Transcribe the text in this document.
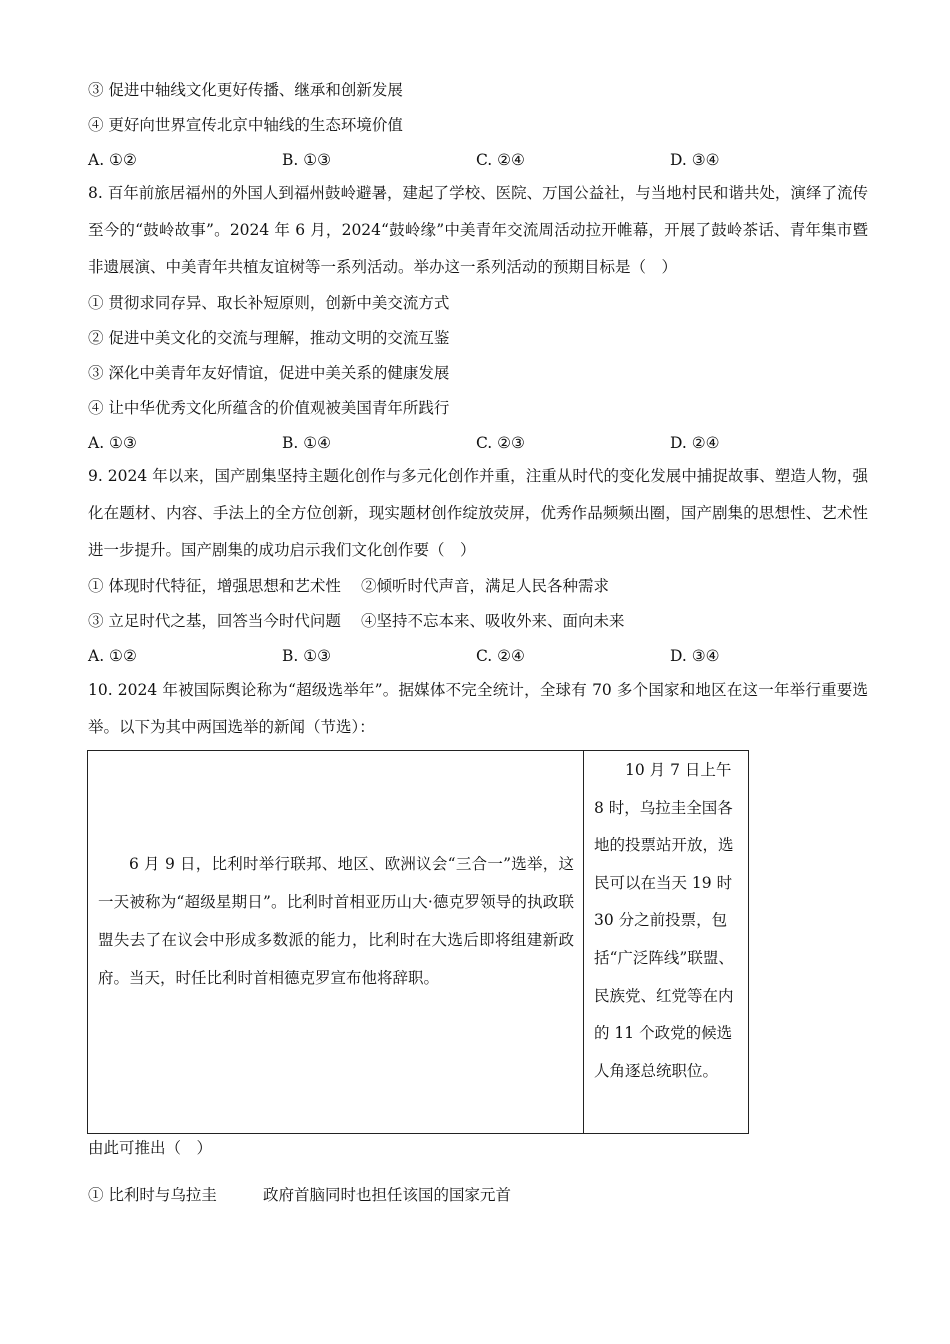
③ 促进中轴线文化更好传播、继承和创新发展
④ 更好向世界宣传北京中轴线的生态环境价值
A. ①②	B. ①③	C. ②④	D. ③④
8. 百年前旅居福州的外国人到福州鼓岭避暑，建起了学校、医院、万国公益社，与当地村民和谐共处，演绎了流传至今的“鼓岭故事”。2024 年 6 月，2024“鼓岭缘”中美青年交流周活动拉开帷幕，开展了鼓岭茶话、青年集市暨非遗展演、中美青年共植友谊树等一系列活动。举办这一系列活动的预期目标是（　）
① 贯彻求同存异、取长补短原则，创新中美交流方式
② 促进中美文化的交流与理解，推动文明的交流互鉴
③ 深化中美青年友好情谊，促进中美关系的健康发展
④ 让中华优秀文化所蕴含的价值观被美国青年所践行
A. ①③	B. ①④	C. ②③	D. ②④
9. 2024 年以来，国产剧集坚持主题化创作与多元化创作并重，注重从时代的变化发展中捕捉故事、塑造人物，强化在题材、内容、手法上的全方位创新，现实题材创作绽放荧屏，优秀作品频频出圈，国产剧集的思想性、艺术性进一步提升。国产剧集的成功启示我们文化创作要（　）
① 体现时代特征，增强思想和艺术性 ②倾听时代声音，满足人民各种需求
③ 立足时代之基，回答当今时代问题 ④坚持不忘本来、吸收外来、面向未来
A. ①②	B. ①③	C. ②④	D. ③④
10. 2024 年被国际舆论称为“超级选举年”。据媒体不完全统计，全球有 70 多个国家和地区在这一年举行重要选举。以下为其中两国选举的新闻（节选）：
6 月 9 日，比利时举行联邦、地区、欧洲议会“三合一”选举，这一天被称为“超级星期日”。比利时首相亚历山大·德克罗领导的执政联盟失去了在议会中形成多数派的能力，比利时在大选后即将组建新政府。当天，时任比利时首相德克罗宣布他将辞职。
10 月 7 日上午 8 时，乌拉圭全国各地的投票站开放，选民可以在当天 19 时 30 分之前投票，包括“广泛阵线”联盟、民族党、红党等在内的 11 个政党的候选人角逐总统职位。
由此可推出（　）
① 比利时与乌拉圭	政府首脑同时也担任该国的国家元首
